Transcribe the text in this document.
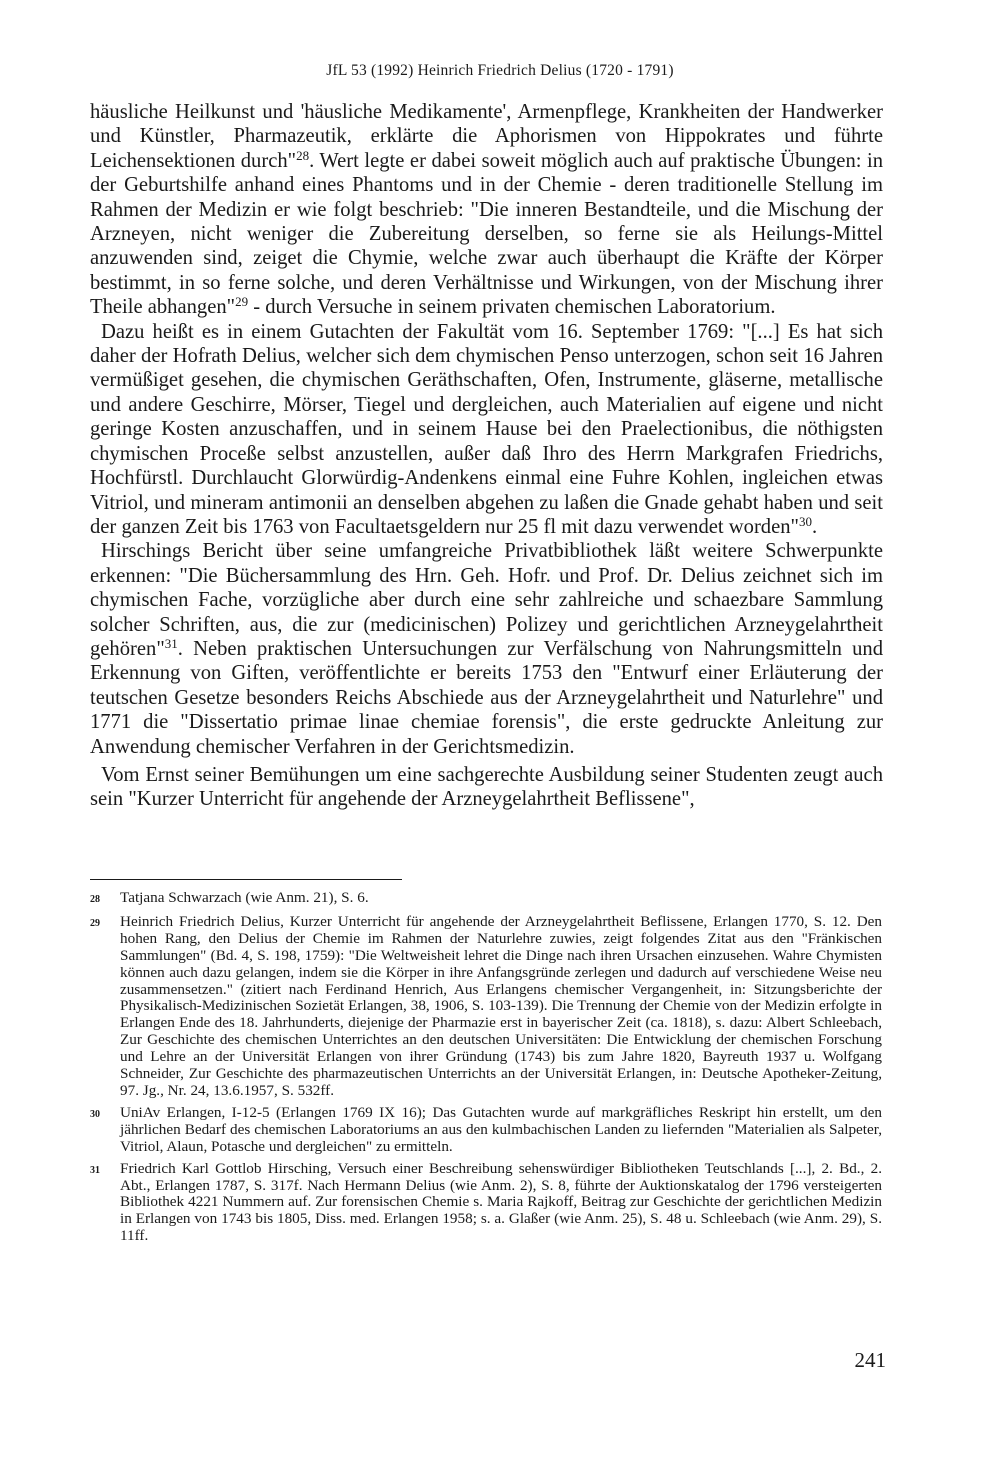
JfL 53 (1992) Heinrich Friedrich Delius (1720 - 1791)

häusliche Heilkunst und 'häusliche Medikamente', Armenpflege, Krankheiten der Handwerker und Künstler, Pharmazeutik, erklärte die Aphorismen von Hippokrates und führte Leichensektionen durch"$^{28}$. Wert legte er dabei soweit möglich auch auf praktische Übungen: in der Geburtshilfe anhand eines Phantoms und in der Chemie - deren traditionelle Stellung im Rahmen der Medizin er wie folgt beschrieb: "Die inneren Bestandteile, und die Mischung der Arzneyen, nicht weniger die Zubereitung derselben, so ferne sie als Heilungs-Mittel anzuwenden sind, zeiget die Chymie, welche zwar auch überhaupt die Kräfte der Körper bestimmt, in so ferne solche, und deren Verhältnisse und Wirkungen, von der Mischung ihrer Theile abhangen"$^{29}$ - durch Versuche in seinem privaten chemischen Laboratorium.

Dazu heißt es in einem Gutachten der Fakultät vom 16. September 1769: "[...] Es hat sich daher der Hofrath Delius, welcher sich dem chymischen Penso unterzogen, schon seit 16 Jahren vermüßiget gesehen, die chymischen Geräthschaften, Ofen, Instrumente, gläserne, metallische und andere Geschirre, Mörser, Tiegel und dergleichen, auch Materialien auf eigene und nicht geringe Kosten anzuschaffen, und in seinem Hause bei den Praelectionibus, die nöthigsten chymischen Proceße selbst anzustellen, außer daß Ihro des Herrn Markgrafen Friedrichs, Hochfürstl. Durchlaucht Glorwürdig-Andenkens einmal eine Fuhre Kohlen, ingleichen etwas Vitriol, und mineram antimonii an denselben abgehen zu laßen die Gnade gehabt haben und seit der ganzen Zeit bis 1763 von Facultaetsgeldern nur 25 fl mit dazu verwendet worden"$^{30}$.

Hirschings Bericht über seine umfangreiche Privatbibliothek läßt weitere Schwerpunkte erkennen: "Die Büchersammlung des Hrn. Geh. Hofr. und Prof. Dr. Delius zeichnet sich im chymischen Fache, vorzügliche aber durch eine sehr zahlreiche und schaezbare Sammlung solcher Schriften, aus, die zur (medicinischen) Polizey und gerichtlichen Arzneygelahrtheit gehören"$^{31}$. Neben praktischen Untersuchungen zur Verfälschung von Nahrungsmitteln und Erkennung von Giften, veröffentlichte er bereits 1753 den "Entwurf einer Erläuterung der teutschen Gesetze besonders Reichs Abschiede aus der Arzneygelahrtheit und Naturlehre" und 1771 die "Dissertatio primae linae chemiae forensis", die erste gedruckte Anleitung zur Anwendung chemischer Verfahren in der Gerichtsmedizin.

Vom Ernst seiner Bemühungen um eine sachgerechte Ausbildung seiner Studenten zeugt auch sein "Kurzer Unterricht für angehende der Arzneygelahrtheit Beflissene",

28	Tatjana Schwarzach (wie Anm. 21), S. 6.
29	Heinrich Friedrich Delius, Kurzer Unterricht für angehende der Arzneygelahrtheit Beflissene, Erlangen 1770, S. 12. Den hohen Rang, den Delius der Chemie im Rahmen der Naturlehre zuwies, zeigt folgendes Zitat aus den "Fränkischen Sammlungen" (Bd. 4, S. 198, 1759): "Die Weltweisheit lehret die Dinge nach ihren Ursachen einzusehen. Wahre Chymisten können auch dazu gelangen, indem sie die Körper in ihre Anfangsgründe zerlegen und dadurch auf verschiedene Weise neu zusammensetzen." (zitiert nach Ferdinand Henrich, Aus Erlangens chemischer Vergangenheit, in: Sitzungsberichte der Physikalisch-Medizinischen Sozietät Erlangen, 38, 1906, S. 103-139). Die Trennung der Chemie von der Medizin erfolgte in Erlangen Ende des 18. Jahrhunderts, diejenige der Pharmazie erst in bayerischer Zeit (ca. 1818), s. dazu: Albert Schleebach, Zur Geschichte des chemischen Unterrichtes an den deutschen Universitäten: Die Entwicklung der chemischen Forschung und Lehre an der Universität Erlangen von ihrer Gründung (1743) bis zum Jahre 1820, Bayreuth 1937 u. Wolfgang Schneider, Zur Geschichte des pharmazeutischen Unterrichts an der Universität Erlangen, in: Deutsche Apotheker-Zeitung, 97. Jg., Nr. 24, 13.6.1957, S. 532ff.
30	UniAv Erlangen, I-12-5 (Erlangen 1769 IX 16); Das Gutachten wurde auf markgräfliches Reskript hin erstellt, um den jährlichen Bedarf des chemischen Laboratoriums an aus den kulmbachischen Landen zu liefernden "Materialien als Salpeter, Vitriol, Alaun, Potasche und dergleichen" zu ermitteln.
31	Friedrich Karl Gottlob Hirsching, Versuch einer Beschreibung sehenswürdiger Bibliotheken Teutschlands [...], 2. Bd., 2. Abt., Erlangen 1787, S. 317f. Nach Hermann Delius (wie Anm. 2), S. 8, führte der Auktionskatalog der 1796 versteigerten Bibliothek 4221 Nummern auf. Zur forensischen Chemie s. Maria Rajkoff, Beitrag zur Geschichte der gerichtlichen Medizin in Erlangen von 1743 bis 1805, Diss. med. Erlangen 1958; s. a. Glaßer (wie Anm. 25), S. 48 u. Schleebach (wie Anm. 29), S. 11ff.
241
